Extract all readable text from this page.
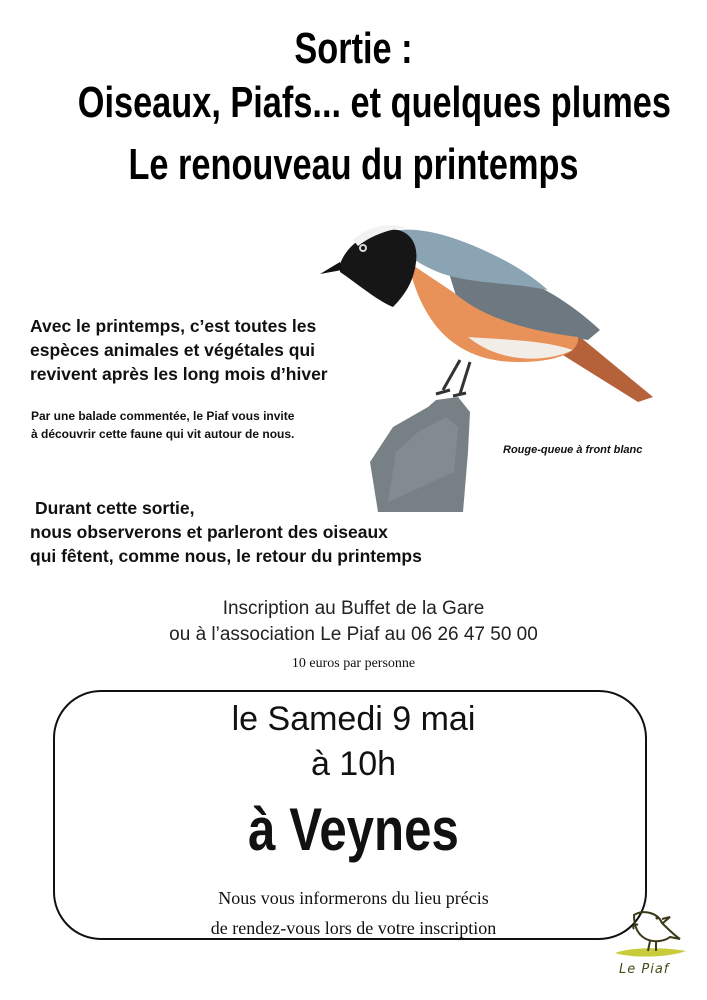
Sortie :
Oiseaux, Piafs... et quelques plumes
Le renouveau du printemps
Avec le printemps, c’est toutes les
espèces animales et végétales qui
revivent après les long mois d’hiver
Par une balade commentée, le Piaf vous invite
à découvrir cette faune qui vit autour de nous.
Rouge-queue à front blanc
Durant cette sortie,
nous observerons et parleront des oiseaux
qui fêtent, comme nous, le retour du printemps
Inscription au Buffet de la Gare
ou à l’association Le Piaf au 06 26 47 50 00
10 euros par personne
le Samedi 9 mai
à 10h
à Veynes
Nous vous informerons du lieu précis
de rendez-vous lors de votre inscription
Le Piaf
